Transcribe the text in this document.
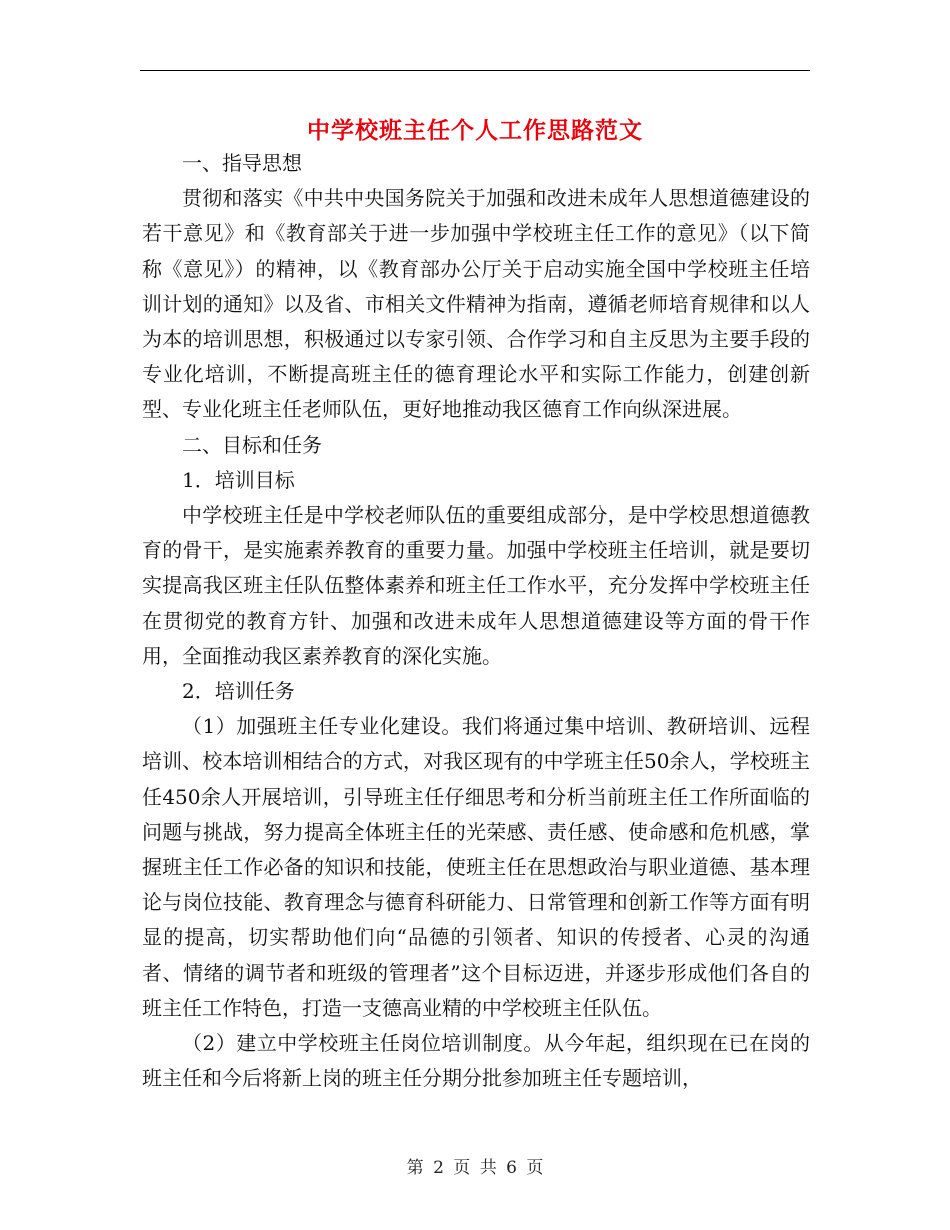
中学校班主任个人工作思路范文

一、指导思想

贯彻和落实《中共中央国务院关于加强和改进未成年人思想道德建设的若干意见》和《教育部关于进一步加强中学校班主任工作的意见》（以下简称《意见》）的精神，以《教育部办公厅关于启动实施全国中学校班主任培训计划的通知》以及省、市相关文件精神为指南，遵循老师培育规律和以人为本的培训思想，积极通过以专家引领、合作学习和自主反思为主要手段的专业化培训，不断提高班主任的德育理论水平和实际工作能力，创建创新型、专业化班主任老师队伍，更好地推动我区德育工作向纵深进展。

二、目标和任务

1．培训目标

中学校班主任是中学校老师队伍的重要组成部分，是中学校思想道德教育的骨干，是实施素养教育的重要力量。加强中学校班主任培训，就是要切实提高我区班主任队伍整体素养和班主任工作水平，充分发挥中学校班主任在贯彻党的教育方针、加强和改进未成年人思想道德建设等方面的骨干作用，全面推动我区素养教育的深化实施。

2．培训任务

（1）加强班主任专业化建设。我们将通过集中培训、教研培训、远程培训、校本培训相结合的方式，对我区现有的中学班主任50余人，学校班主任450余人开展培训，引导班主任仔细思考和分析当前班主任工作所面临的问题与挑战，努力提高全体班主任的光荣感、责任感、使命感和危机感，掌握班主任工作必备的知识和技能，使班主任在思想政治与职业道德、基本理论与岗位技能、教育理念与德育科研能力、日常管理和创新工作等方面有明显的提高，切实帮助他们向“品德的引领者、知识的传授者、心灵的沟通者、情绪的调节者和班级的管理者”这个目标迈进，并逐步形成他们各自的班主任工作特色，打造一支德高业精的中学校班主任队伍。

（2）建立中学校班主任岗位培训制度。从今年起，组织现在已在岗的班主任和今后将新上岗的班主任分期分批参加班主任专题培训，

第 2 页 共 6 页
